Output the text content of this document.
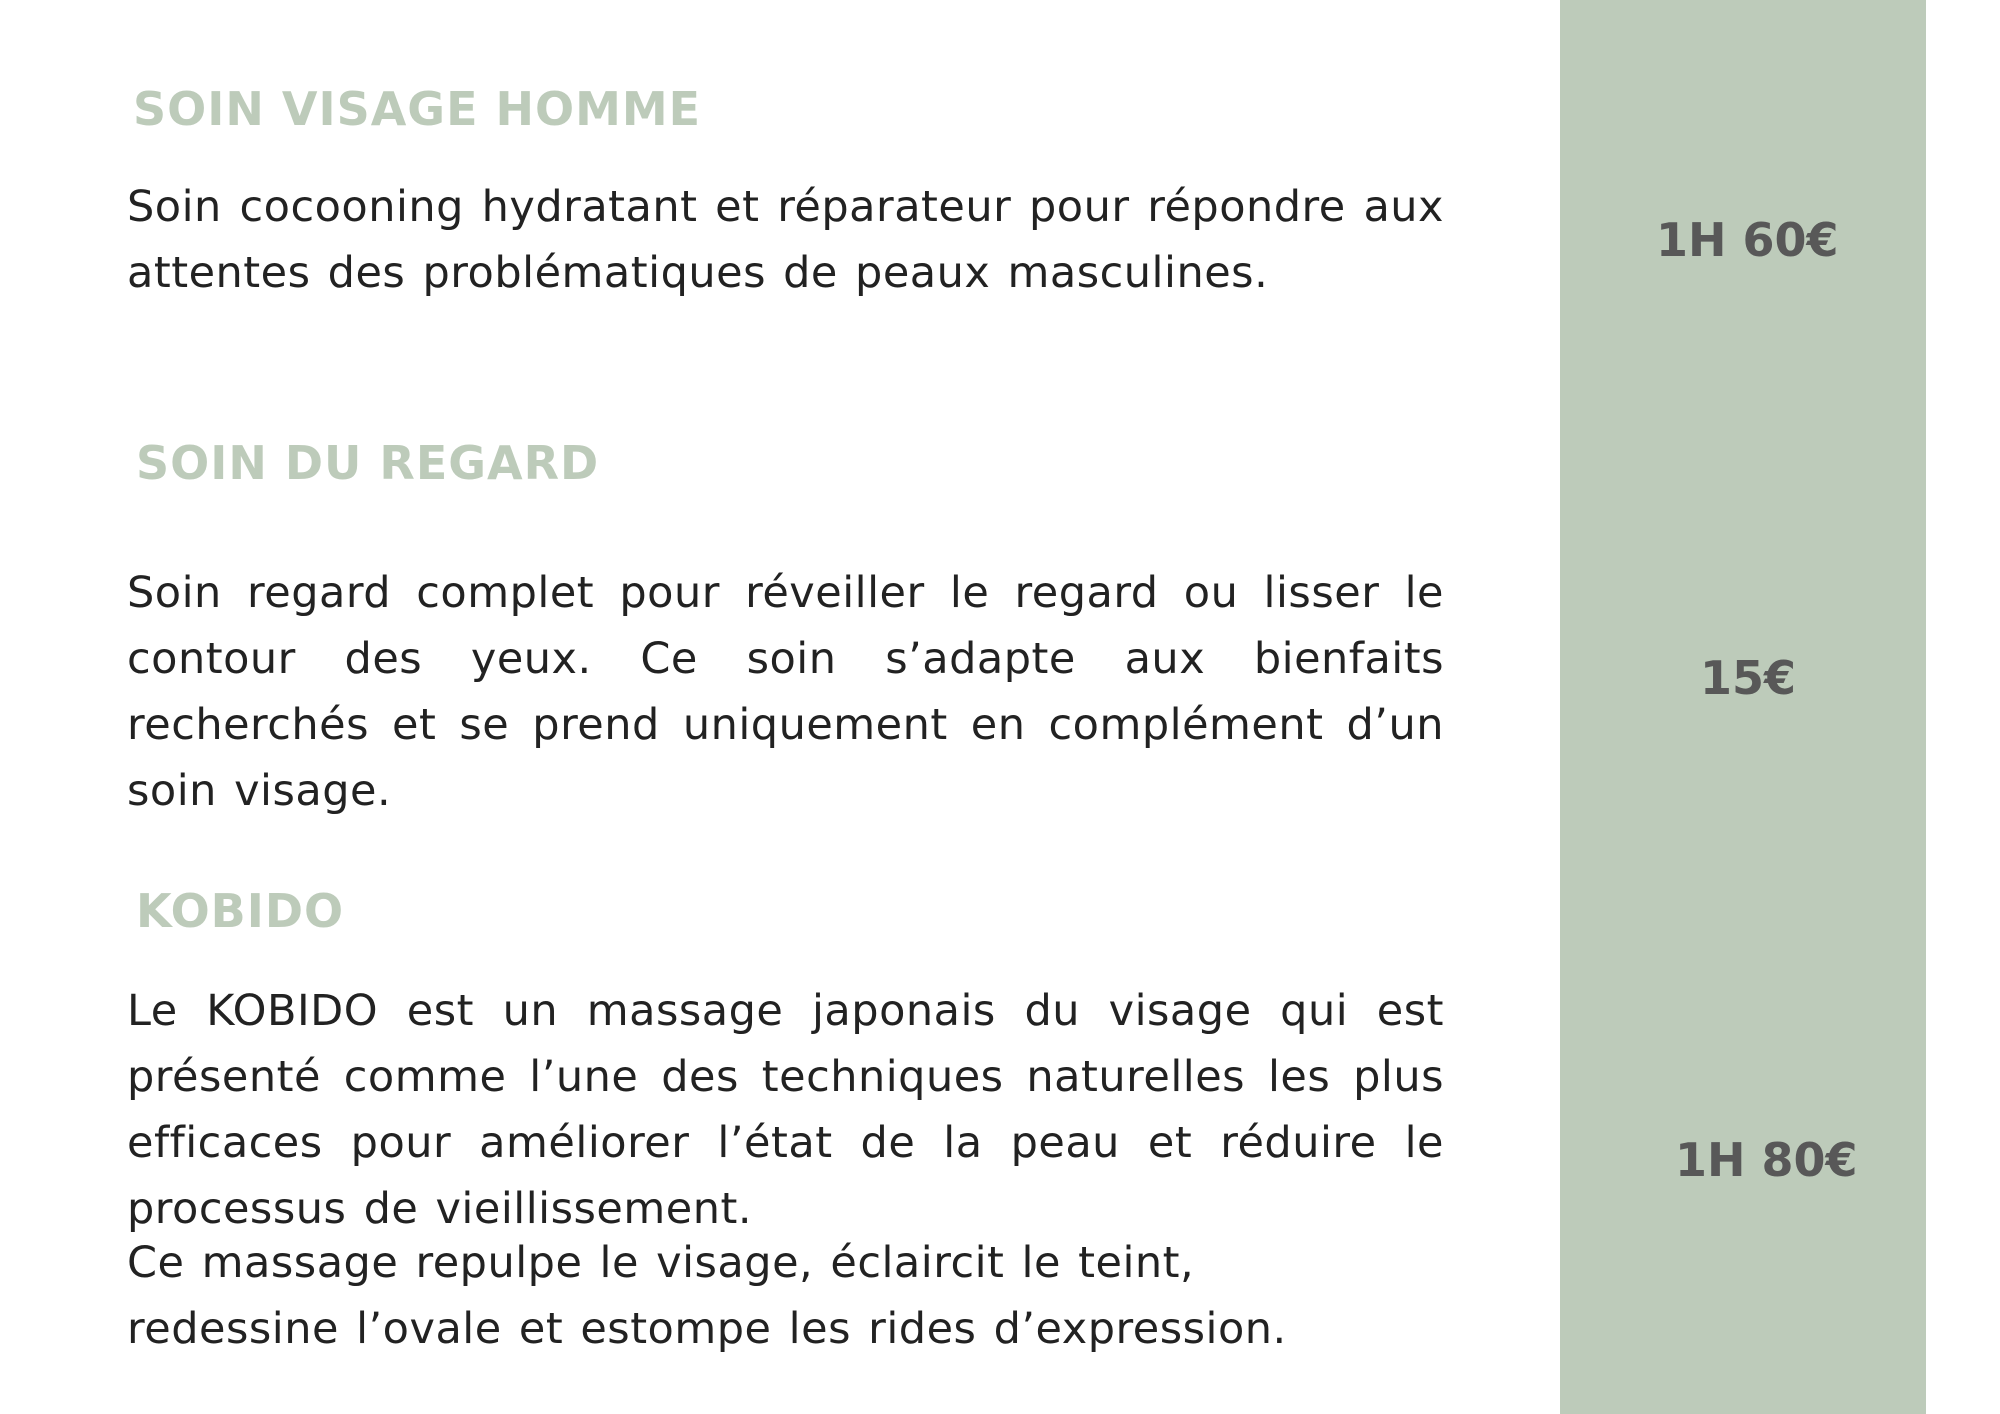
SOIN VISAGE HOMME

Soin cocooning hydratant et réparateur pour répondre aux attentes des problématiques de peaux masculines.

1H 60€
SOIN DU REGARD

Soin regard complet pour réveiller le regard ou lisser le contour des yeux. Ce soin s’adapte aux bienfaits recherchés et se prend uniquement en complément d’un soin visage.

15€
KOBIDO

Le KOBIDO est un massage japonais du visage qui est présenté comme l’une des techniques naturelles les plus efficaces pour améliorer l’état de la peau et réduire le processus de vieillissement.

Ce massage repulpe le visage, éclaircit le teint,

redessine l’ovale et estompe les rides d’expression.

1H 80€
